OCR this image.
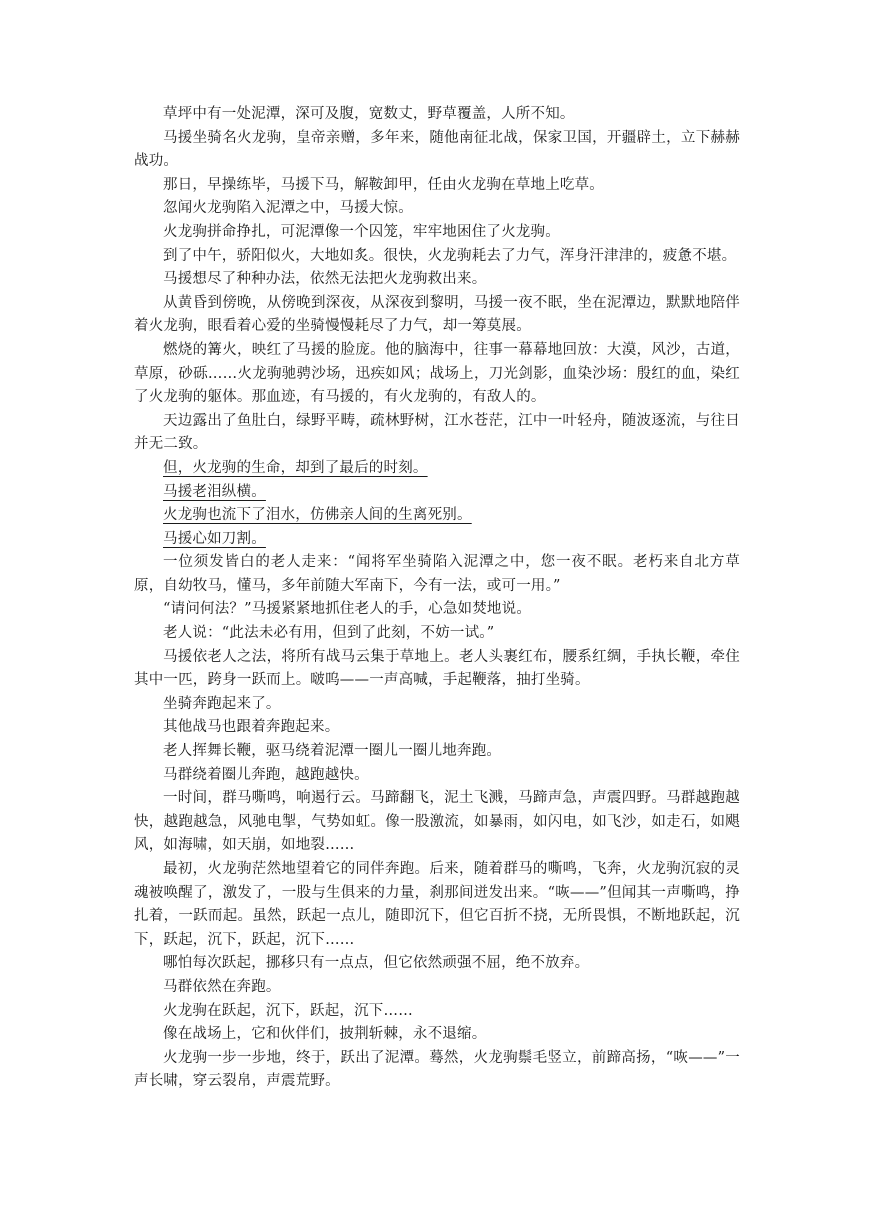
草坪中有一处泥潭，深可及腹，宽数丈，野草覆盖，人所不知。

马援坐骑名火龙驹，皇帝亲赠，多年来，随他南征北战，保家卫国，开疆辟土，立下赫赫战功。

那日，早操练毕，马援下马，解鞍卸甲，任由火龙驹在草地上吃草。

忽闻火龙驹陷入泥潭之中，马援大惊。

火龙驹拼命挣扎，可泥潭像一个囚笼，牢牢地困住了火龙驹。

到了中午，骄阳似火，大地如炙。很快，火龙驹耗去了力气，浑身汗津津的，疲惫不堪。

马援想尽了种种办法，依然无法把火龙驹救出来。

从黄昏到傍晚，从傍晚到深夜，从深夜到黎明，马援一夜不眠，坐在泥潭边，默默地陪伴着火龙驹，眼看着心爱的坐骑慢慢耗尽了力气，却一筹莫展。

燃烧的篝火，映红了马援的脸庞。他的脑海中，往事一幕幕地回放：大漠，风沙，古道，草原，砂砾……火龙驹驰骋沙场，迅疾如风；战场上，刀光剑影，血染沙场：殷红的血，染红了火龙驹的躯体。那血迹，有马援的，有火龙驹的，有敌人的。

天边露出了鱼肚白，绿野平畴，疏林野树，江水苍茫，江中一叶轻舟，随波逐流，与往日并无二致。

但，火龙驹的生命，却到了最后的时刻。

马援老泪纵横。

火龙驹也流下了泪水，仿佛亲人间的生离死别。

马援心如刀割。

一位须发皆白的老人走来：“闻将军坐骑陷入泥潭之中，您一夜不眠。老朽来自北方草原，自幼牧马，懂马，多年前随大军南下，今有一法，或可一用。”

“请问何法？”马援紧紧地抓住老人的手，心急如焚地说。

老人说：“此法未必有用，但到了此刻，不妨一试。”

马援依老人之法，将所有战马云集于草地上。老人头裹红布，腰系红绸，手执长鞭，牵住其中一匹，跨身一跃而上。啵呜——一声高喊，手起鞭落，抽打坐骑。

坐骑奔跑起来了。

其他战马也跟着奔跑起来。

老人挥舞长鞭，驱马绕着泥潭一圈儿一圈儿地奔跑。

马群绕着圈儿奔跑，越跑越快。

一时间，群马嘶鸣，响遏行云。马蹄翻飞，泥土飞溅，马蹄声急，声震四野。马群越跑越快，越跑越急，风驰电掣，气势如虹。像一股激流，如暴雨，如闪电，如飞沙，如走石，如飓风，如海啸，如天崩，如地裂……

最初，火龙驹茫然地望着它的同伴奔跑。后来，随着群马的嘶鸣，飞奔，火龙驹沉寂的灵魂被唤醒了，激发了，一股与生俱来的力量，刹那间迸发出来。“咴——”但闻其一声嘶鸣，挣扎着，一跃而起。虽然，跃起一点儿，随即沉下，但它百折不挠，无所畏惧，不断地跃起，沉下，跃起，沉下，跃起，沉下……

哪怕每次跃起，挪移只有一点点，但它依然顽强不屈，绝不放弃。

马群依然在奔跑。

火龙驹在跃起，沉下，跃起，沉下……

像在战场上，它和伙伴们，披荆斩棘，永不退缩。

火龙驹一步一步地，终于，跃出了泥潭。蓦然，火龙驹鬃毛竖立，前蹄高扬，“咴——”一声长啸，穿云裂帛，声震荒野。
